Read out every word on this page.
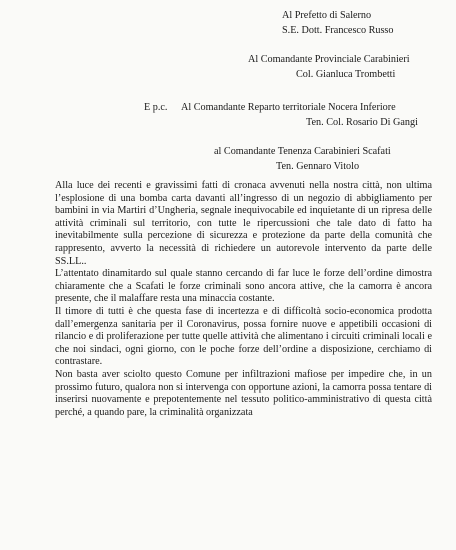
Al Prefetto di Salerno
S.E. Dott. Francesco Russo
Al Comandante Provinciale Carabinieri
Col. Gianluca Trombetti
E p.c. Al Comandante Reparto territoriale Nocera Inferiore
Ten. Col. Rosario Di Gangi
al Comandante Tenenza Carabinieri Scafati
Ten. Gennaro Vitolo

Alla luce dei recenti e gravissimi fatti di cronaca avvenuti nella nostra città, non ultima l’esplosione di una bomba carta davanti all’ingresso di un negozio di abbigliamento per bambini in via Martiri d’Ungheria, segnale inequivocabile ed inquietante di un ripresa delle attività criminali sul territorio, con tutte le ripercussioni che tale dato di fatto ha inevitabilmente sulla percezione di sicurezza e protezione da parte della comunità che rappresento, avverto la necessità di richiedere un autorevole intervento da parte delle SS.LL..

L’attentato dinamitardo sul quale stanno cercando di far luce le forze dell’ordine dimostra chiaramente che a Scafati le forze criminali sono ancora attive, che la camorra è ancora presente, che il malaffare resta una minaccia costante.

Il timore di tutti è che questa fase di incertezza e di difficoltà socio-economica prodotta dall’emergenza sanitaria per il Coronavirus, possa fornire nuove e appetibili occasioni di rilancio e di proliferazione per tutte quelle attività che alimentano i circuiti criminali locali e che noi sindaci, ogni giorno, con le poche forze dell’ordine a disposizione, cerchiamo di contrastare.

Non basta aver sciolto questo Comune per infiltrazioni mafiose per impedire che, in un prossimo futuro, qualora non si intervenga con opportune azioni, la camorra possa tentare di inserirsi nuovamente e prepotentemente nel tessuto politico-amministrativo di questa città perché, a quando pare, la criminalità organizzata
